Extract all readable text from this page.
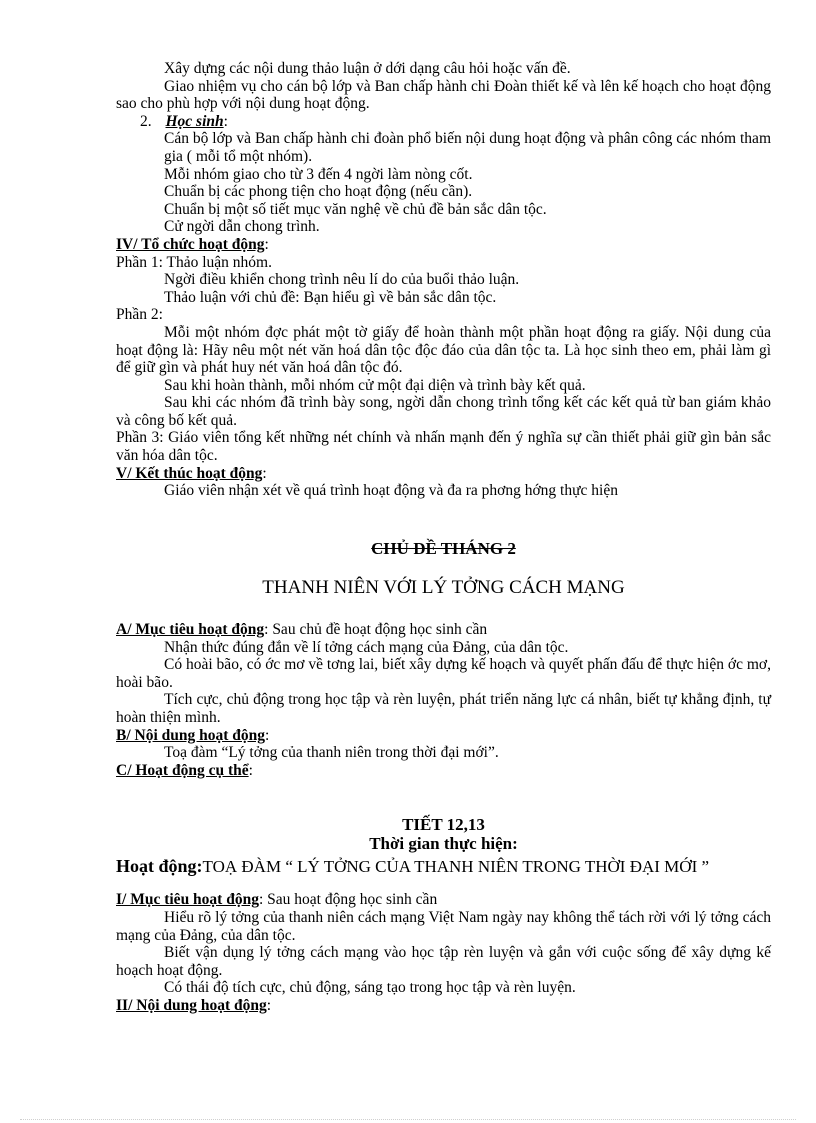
Xây dựng các nội dung thảo luận ở dới dạng câu hỏi hoặc vấn đề.

Giao nhiệm vụ cho cán bộ lớp và Ban chấp hành chi Đoàn thiết kế và lên kế hoạch cho hoạt động sao cho phù hợp với nội dung hoạt động.

2. Học sinh:

Cán bộ lớp và Ban chấp hành chi đoàn phổ biến nội dung hoạt động và phân công các nhóm tham gia ( mỗi tổ một nhóm).

Mỗi nhóm giao cho từ 3 đến 4 ngời làm nòng cốt.

Chuẩn bị các phong tiện cho hoạt động (nếu cần).

Chuẩn bị một số tiết mục văn nghệ về chủ đề bản sắc dân tộc.

Cử ngời dẫn chong trình.

IV/ Tổ chức hoạt động:

Phần 1: Thảo luận nhóm.

Ngời điều khiển chong trình nêu lí do của buổi thảo luận.

Thảo luận với chủ đề: Bạn hiểu gì về bản sắc dân tộc.

Phần 2:

Mỗi một nhóm đợc phát một tờ giấy để hoàn thành một phần hoạt động ra giấy. Nội dung của hoạt động là: Hãy nêu một nét văn hoá dân tộc độc đáo của dân tộc ta. Là học sinh theo em, phải làm gì để giữ gìn và phát huy nét văn hoá dân tộc đó.

Sau khi hoàn thành, mỗi nhóm cử một đại diện và trình bày kết quả.

Sau khi các nhóm đã trình bày song, ngời dẫn chong trình tổng kết các kết quả từ ban giám khảo và công bố kết quả.

Phần 3: Giáo viên tổng kết những nét chính và nhấn mạnh đến ý nghĩa sự cần thiết phải giữ gìn bản sắc văn hóa dân tộc.

V/ Kết thúc hoạt động:

Giáo viên nhận xét về quá trình hoạt động và đa ra phơng hớng thực hiện

CHỦ ĐỀ THÁNG 2

THANH NIÊN VỚI LÝ TỞNG CÁCH MẠNG

A/ Mục tiêu hoạt động: Sau chủ đề hoạt động học sinh cần

Nhận thức đúng đắn về lí tởng cách mạng của Đảng, của dân tộc.

Có hoài bão, có ớc mơ về tơng lai, biết xây dựng kế hoạch và quyết phấn đấu để thực hiện ớc mơ, hoài bão.

Tích cực, chủ động trong học tập và rèn luyện, phát triển năng lực cá nhân, biết tự khẳng định, tự hoàn thiện mình.

B/ Nội dung hoạt động:

Toạ đàm “Lý tởng của thanh niên trong thời đại mới”.

C/ Hoạt động cụ thể:

TIẾT 12,13

Thời gian thực hiện:

Hoạt động: TOẠ ĐÀM “ LÝ TỞNG CỦA THANH NIÊN TRONG THỜI ĐẠI MỚI ”

I/ Mục tiêu hoạt động: Sau hoạt động học sinh cần

Hiểu rõ lý tởng của thanh niên cách mạng Việt Nam ngày nay không thể tách rời với lý tởng cách mạng của Đảng, của dân tộc.

Biết vận dụng lý tởng cách mạng vào học tập rèn luyện và gắn với cuộc sống để xây dựng kế hoạch hoạt động.

Có thái độ tích cực, chủ động, sáng tạo trong học tập và rèn luyện.

II/ Nội dung hoạt động:
